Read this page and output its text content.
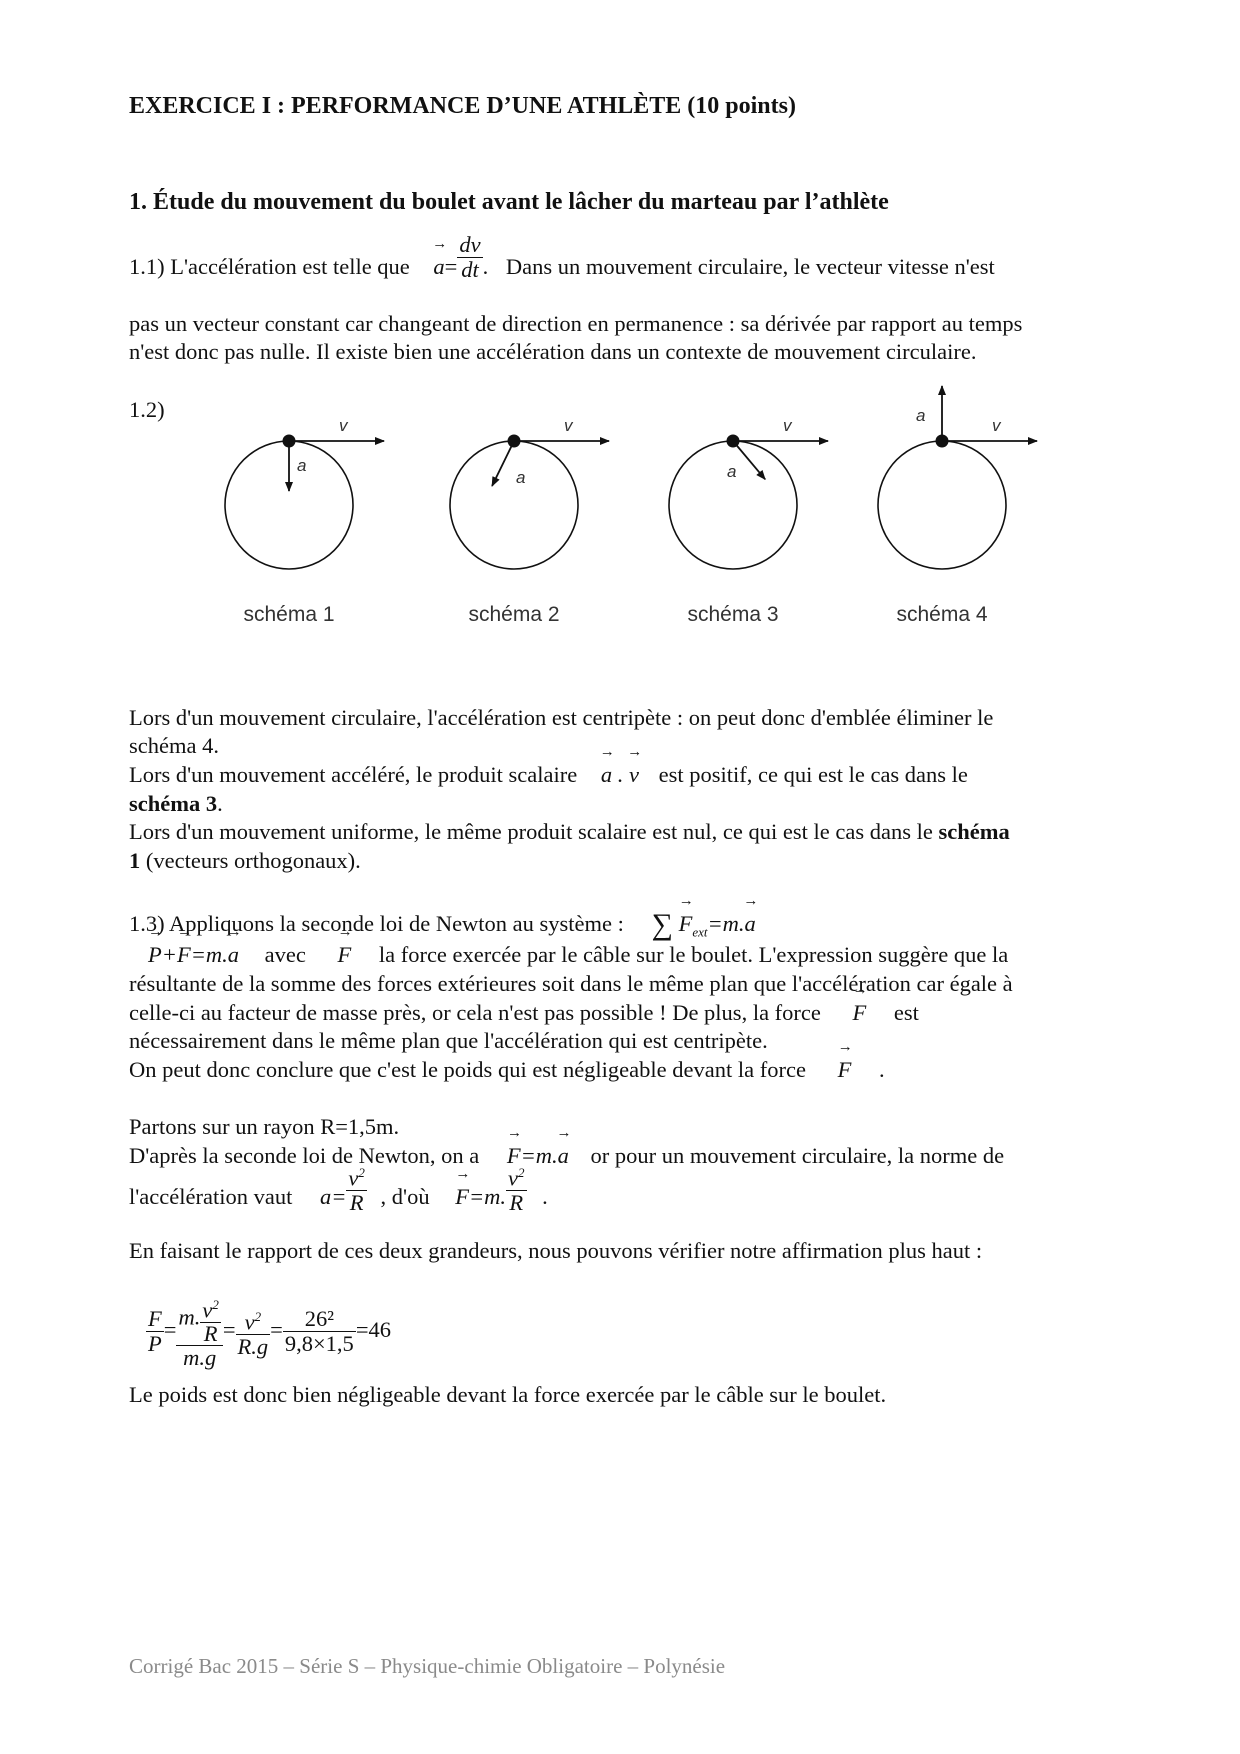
EXERCICE I : PERFORMANCE D’UNE ATHLÈTE (10 points)
1. Étude du mouvement du boulet avant le lâcher du marteau par l’athlète
1.1) L'accélération est telle que → $a= \frac{dv}{dt}$ . Dans un mouvement circulaire, le vecteur vitesse n'est
pas un vecteur constant car changeant de direction en permanence : sa dérivée par rapport au temps
n'est donc pas nulle. Il existe bien une accélération dans un contexte de mouvement circulaire.
1.2)
v
a
schéma 1
v
a
schéma 2
v
a
schéma 3
v
a
schéma 4
Lors d'un mouvement circulaire, l'accélération est centripète : on peut donc d'emblée éliminer le
schéma 4.
Lors d'un mouvement accéléré, le produit scalaire → a . → v est positif, ce qui est le cas dans le
schéma 3.
Lors d'un mouvement uniforme, le même produit scalaire est nul, ce qui est le cas dans le schéma
1 (vecteurs orthogonaux).
1.3) Appliquons la seconde loi de Newton au système : ∑ → $F_{ext}=m.\to a$
→ P+→ F=m.→ a avec → F la force exercée par le câble sur le boulet. L'expression suggère que la
résultante de la somme des forces extérieures soit dans le même plan que l'accélération car égale à
celle-ci au facteur de masse près, or cela n'est pas possible ! De plus, la force → F est
nécessairement dans le même plan que l'accélération qui est centripète.
On peut donc conclure que c'est le poids qui est négligeable devant la force → F .
Partons sur un rayon R=1,5m.
D'après la seconde loi de Newton, on a → F=m.→ a or pour un mouvement circulaire, la norme de
l'accélération vaut $a= \frac{v^2}{R}$ , d'où → F=m. $\frac{v^2}{R}$ .
En faisant le rapport de ces deux grandeurs, nous pouvons vérifier notre affirmation plus haut :
$\frac{F}{P} = \frac{m. \frac{v^2}{R}}{m.g} = \frac{v^2}{R.g} = \frac{\text{26²}}{9,8\times 1,5} =46$
Le poids est donc bien négligeable devant la force exercée par le câble sur le boulet.
Corrigé Bac 2015 – Série S – Physique-chimie Obligatoire – Polynésie
